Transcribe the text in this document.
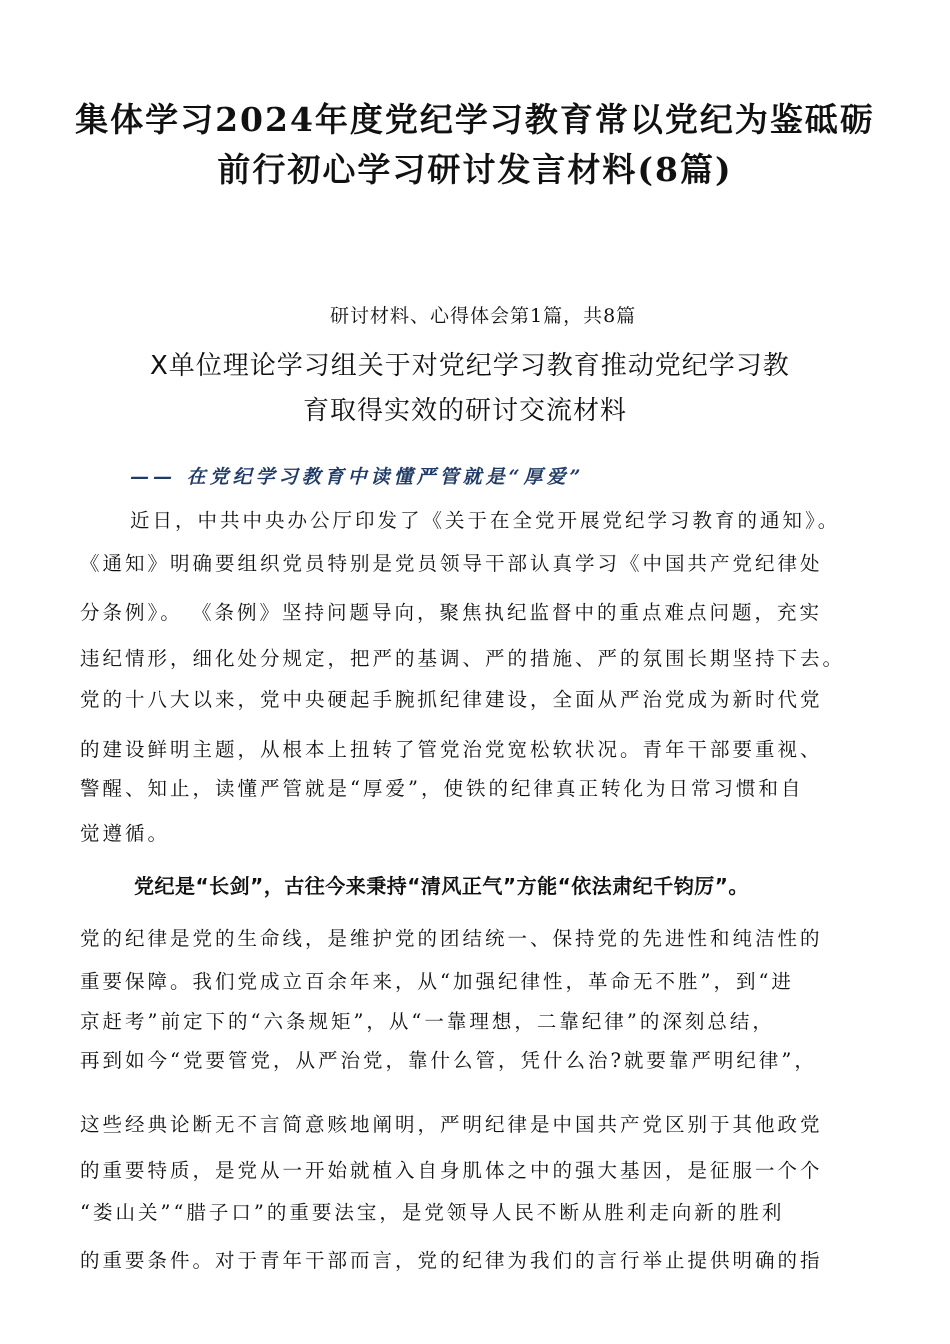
集体学习2024年度党纪学习教育常以党纪为鉴砥砺
前行初心学习研讨发言材料(8篇)
研讨材料、心得体会第1篇，共8篇
X单位理论学习组关于对党纪学习教育推动党纪学习教
育取得实效的研讨交流材料
—— 在党纪学习教育中读懂严管就是“厚爱”
近日，中共中央办公厅印发了《关于在全党开展党纪学习教育的通知》。
《通知》明确要组织党员特别是党员领导干部认真学习《中国共产党纪律处
分条例》。 《条例》坚持问题导向，聚焦执纪监督中的重点难点问题，充实
违纪情形，细化处分规定，把严的基调、严的措施、严的氛围长期坚持下去。
党的十八大以来，党中央硬起手腕抓纪律建设，全面从严治党成为新时代党
的建设鲜明主题，从根本上扭转了管党治党宽松软状况。青年干部要重视、
警醒、知止，读懂严管就是“厚爱”，使铁的纪律真正转化为日常习惯和自
觉遵循。
党纪是“长剑”，古往今来秉持“清风正气”方能“依法肃纪千钧厉”。
党的纪律是党的生命线，是维护党的团结统一、保持党的先进性和纯洁性的
重要保障。我们党成立百余年来，从“加强纪律性，革命无不胜”，到“进
京赶考”前定下的“六条规矩”，从“一靠理想，二靠纪律”的深刻总结，
再到如今“党要管党，从严治党，靠什么管，凭什么治?就要靠严明纪律”，
这些经典论断无不言简意赅地阐明，严明纪律是中国共产党区别于其他政党
的重要特质，是党从一开始就植入自身肌体之中的强大基因，是征服一个个
“娄山关”“腊子口”的重要法宝，是党领导人民不断从胜利走向新的胜利
的重要条件。对于青年干部而言，党的纪律为我们的言行举止提供明确的指
